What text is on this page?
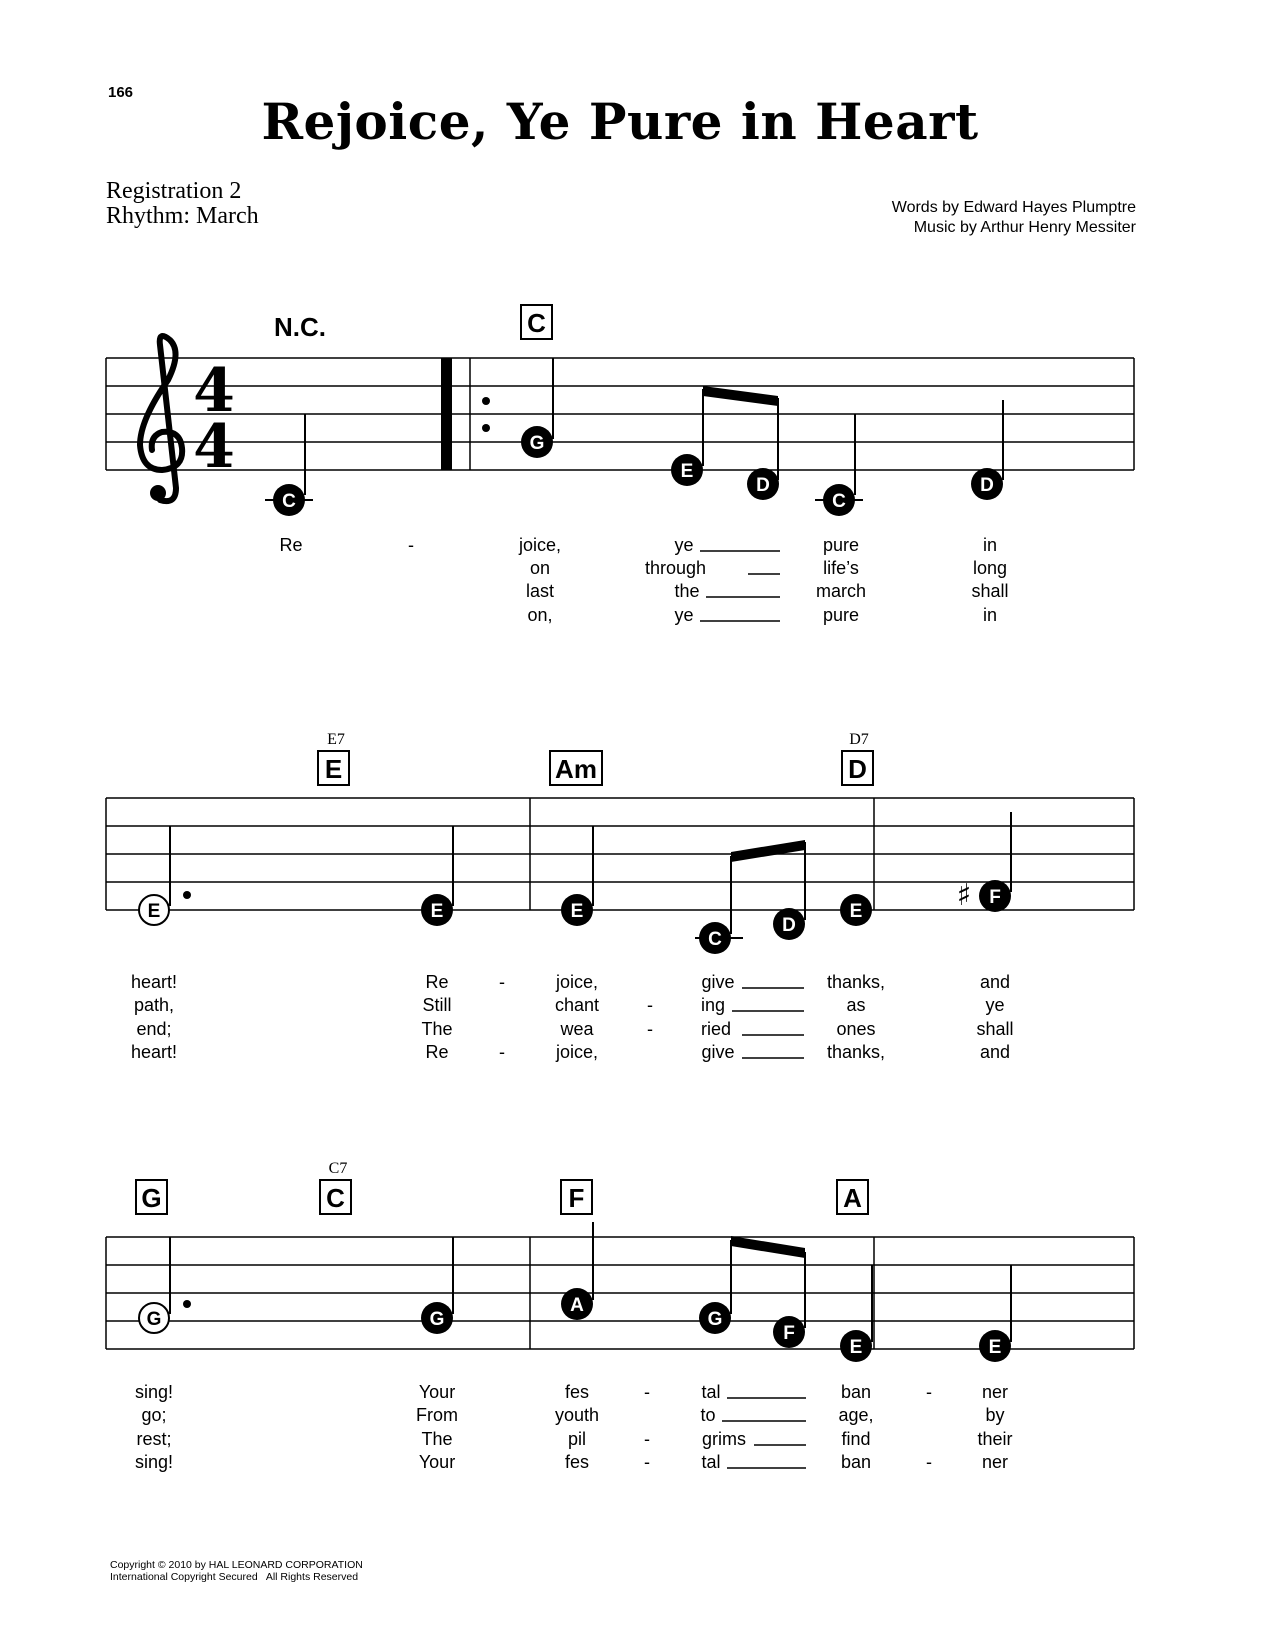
166	Rejoice, Ye Pure in Heart
Registration 2
Rhythm: March	Words by Edward Hayes Plumptre
Music by Arthur Henry Messiter
4
4
N.C.	C
C
G
E
D
C
D
Re	-	joice,	ye	pure	in
on	through	life’s	long
last	the	march	shall
on,	ye	pure	in
E7
E	Am
D7
D
E	E	E
C
D
E	♯ F
heart!	Re	-	joice,	give	thanks,	and
path,	Still	chant	-	ing	as	ye
end;	The	wea	-	ried	ones	shall
heart!	Re	-	joice,	give	thanks,	and
G
C7
C	F	A
G	G
A
G
F
E	E
sing!	Your	fes	-	tal	ban	-	ner
go;	From	youth	to	age,	by
rest;	The	pil	-	grims	find	their
sing!	Your	fes	-	tal	ban	-	ner
Copyright © 2010 by HAL LEONARD CORPORATION
International Copyright Secured   All Rights Reserved
